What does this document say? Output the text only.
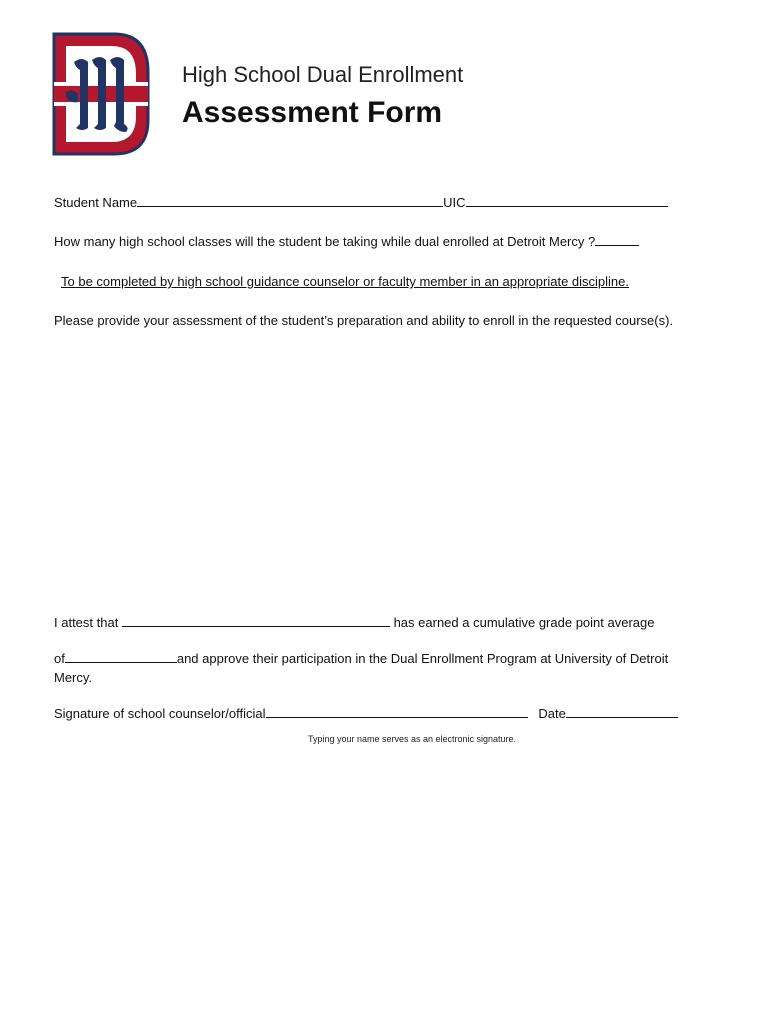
High School Dual Enrollment
Assessment Form
Student Name	UIC
How many high school classes will the student be taking while dual enrolled at Detroit Mercy ?
To be completed by high school guidance counselor or faculty member in an appropriate discipline.
Please provide your assessment of the student’s preparation and ability to enroll in the requested course(s).
I attest that	has earned a cumulative grade point average
of	and approve their participation in the Dual Enrollment Program at University of Detroit Mercy.
Signature of school counselor/official	Date
Typing your name serves as an electronic signature.
